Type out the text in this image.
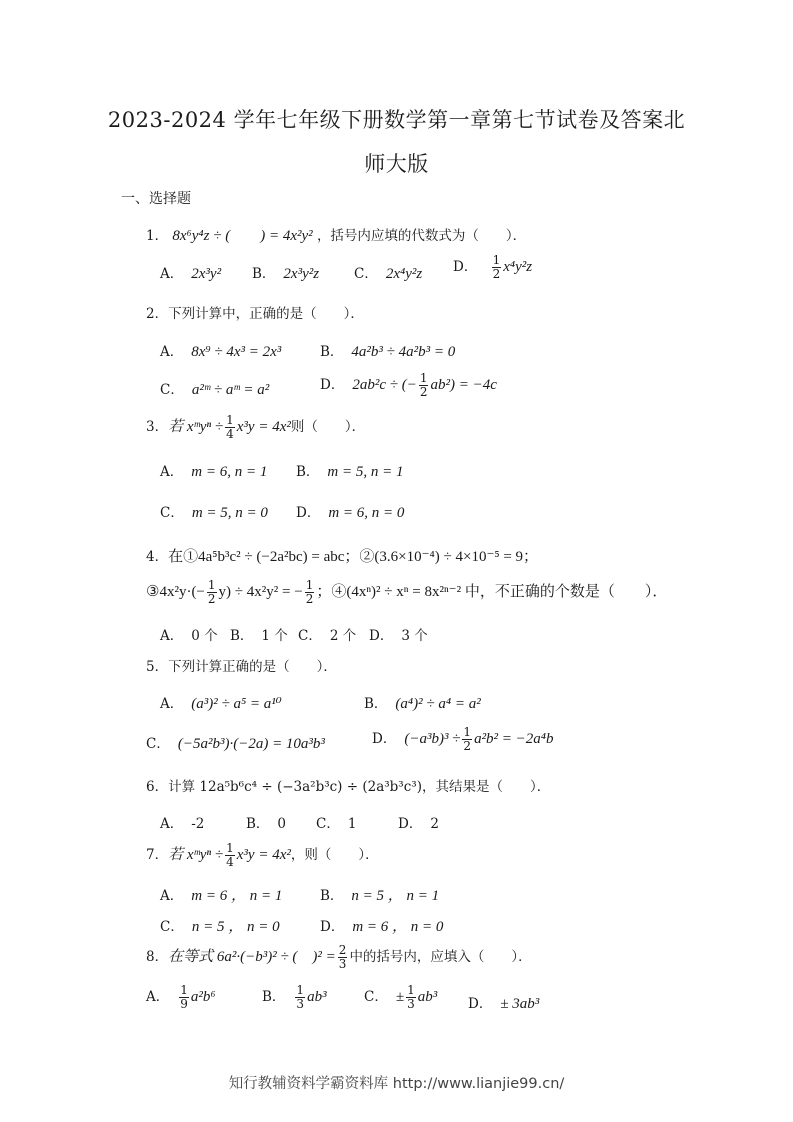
2023-2024 学年七年级下册数学第一章第七节试卷及答案北
师大版
一、选择题
1． 8x⁶y⁴z ÷ (　　) = 4x²y² ，括号内应填的代数式为（　　）．
A． 2x³y² B． 2x³y²z	C． 2x⁴y²z D． $\frac{1}{2} x^4y^2z$
2．下列计算中，正确的是（　　）．
A． 8x⁹ ÷ 4x³ = 2x³	B． 4a²b³ ÷ 4a²b³ = 0
C． a²ᵐ ÷ aᵐ = a²	D． 2ab²c ÷ (− $\frac{1}{2} ab^2) = -4c$
3．若 xᵐyⁿ ÷ $\frac{1}{4} x^3y = 4x^2$则（　　）．
A． m = 6, n = 1 B． m = 5, n = 1
C． m = 5, n = 0 D． m = 6, n = 0
4．在①4a⁵b³c² ÷ (−2a²bc) = abc；②(3.6×10⁻⁴) ÷ 4×10⁻⁵ = 9；
③4x²y·(− $\frac{1}{2} y) \div 4x^2y^2$ = − $\frac{1}{2}$ ；④(4xⁿ)² ÷ xⁿ = 8x²ⁿ⁻² 中，不正确的个数是（　　）．
A． 0 个 B． 1 个 C． 2 个 D． 3 个
5．下列计算正确的是（　　）．
A． (a³)² ÷ a⁵ = a¹⁰	B． (a⁴)² ÷ a⁴ = a²
C． (−5a²b³)·(−2a) = 10a³b³	D． $(-a^3b)^3 \div \frac{1}{2} a^2b^2 = -2a^4b$
6．计算 12a⁵b⁶c⁴ ÷ (−3a²b³c) ÷ (2a³b³c³)，其结果是（　　）．
A． -2	B． 0 C． 1	D． 2
7．若 xᵐyⁿ ÷ $\frac{1}{4} x^3y = 4x^2$，则（　　）．
A． m = 6 ， n = 1	B． n = 5 ， n = 1
C． n = 5 ， n = 0	D． m = 6 ， n = 0
8．在等式 6a²·(−b³)² ÷ (　)$^2 = \frac{2}{3}$ 中的括号内，应填入（　　）．
A． $\frac{1}{9} a^2b^6$	B． $\frac{1}{3} ab^3$	C． ± $\frac{1}{3} ab^3$ D． ± 3ab³
知行教辅资料学霸资料库 http://www.lianjie99.cn/
